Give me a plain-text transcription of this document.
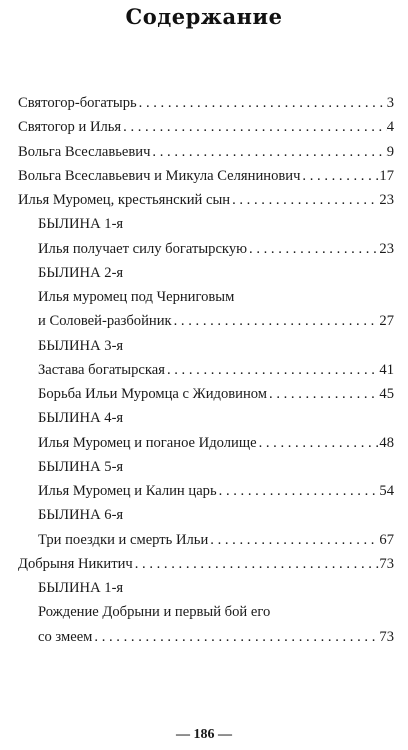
Содержание
Святогор-богатырь . . .	3
Святогор и Илья . . .	4
Вольга Всеславьевич . . .	9
Вольга Всеславьевич и Микула Селянинович . . .	17
Илья Муромец, крестьянский сын . . .	23
БЫЛИНА 1-я
Илья получает силу богатырскую . . .	23
БЫЛИНА 2-я
Илья муромец под Черниговым
и Соловей-разбойник . . .	27
БЫЛИНА 3-я
Застава богатырская . . .	41
Борьба Ильи Муромца с Жидовином . . .	45
БЫЛИНА 4-я
Илья Муромец и поганое Идолище . . .	48
БЫЛИНА 5-я
Илья Муромец и Калин царь . . .	54
БЫЛИНА 6-я
Три поездки и смерть Ильи . . .	67
Добрыня Никитич . . .	73
БЫЛИНА 1-я
Рождение Добрыни и первый бой его
со змеем . . .	73
— 186 —
